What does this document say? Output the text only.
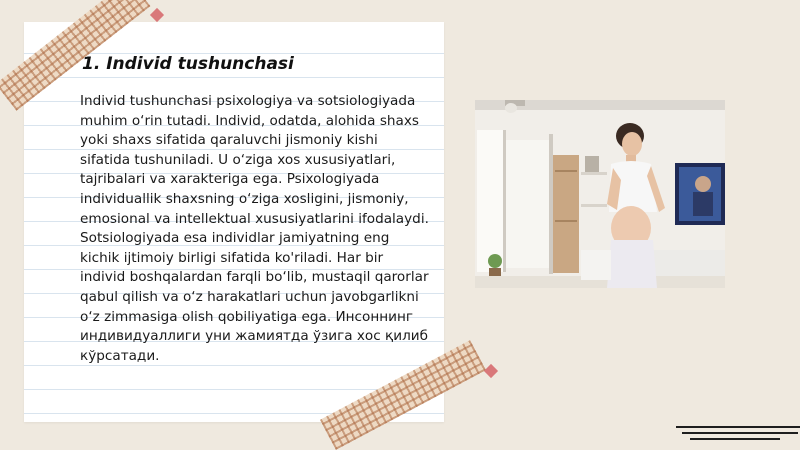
1. Individ tushunchasi

Individ tushunchasi psixologiya va sotsiologiyada muhim o‘rin tutadi. Individ, odatda, alohida shaxs yoki shaxs sifatida qaraluvchi jismoniy kishi sifatida tushuniladi. U o‘ziga xos xususiyatlari, tajribalari va xarakteriga ega. Psixologiyada individuallik shaxsning o‘ziga xosligini, jismoniy, emosional va intellektual xususiyatlarini ifodalaydi. Sotsiologiyada esa individlar jamiyatning eng kichik ijtimoiy birligi sifatida ko'riladi. Har bir individ boshqalardan farqli bo‘lib, mustaqil qarorlar qabul qilish va o‘z harakatlari uchun javobgarlikni o‘z zimmasiga olish qobiliyatiga ega. Инсоннинг индивидуаллиги уни жамиятда ўзига хос қилиб кўрсатади.
